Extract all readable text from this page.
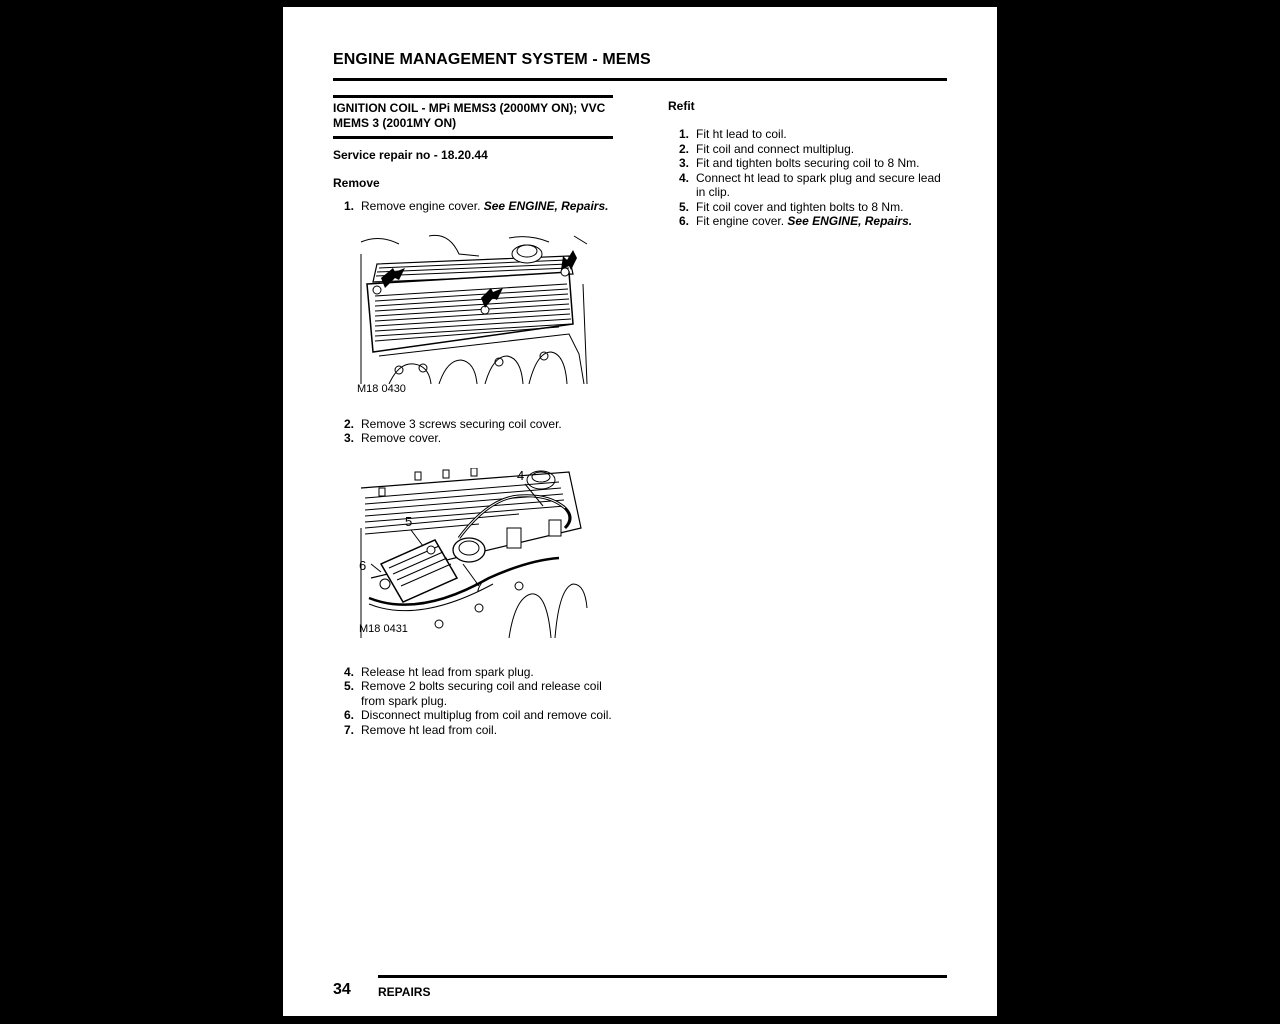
ENGINE MANAGEMENT SYSTEM - MEMS
IGNITION COIL - MPi MEMS3 (2000MY ON); VVC
MEMS 3 (2001MY ON)
Service repair no - 18.20.44
Remove
1. Remove engine cover. See ENGINE, Repairs.
M18 0430
2. Remove 3 screws securing coil cover.
3. Remove cover.
4
5
6
7
M18 0431
4. Release ht lead from spark plug.
5. Remove 2 bolts securing coil and release coil from spark plug.
6. Disconnect multiplug from coil and remove coil.
7. Remove ht lead from coil.
Refit
1. Fit ht lead to coil.
2. Fit coil and connect multiplug.
3. Fit and tighten bolts securing coil to 8 Nm.
4. Connect ht lead to spark plug and secure lead in clip.
5. Fit coil cover and tighten bolts to 8 Nm.
6. Fit engine cover. See ENGINE, Repairs.
34 REPAIRS
